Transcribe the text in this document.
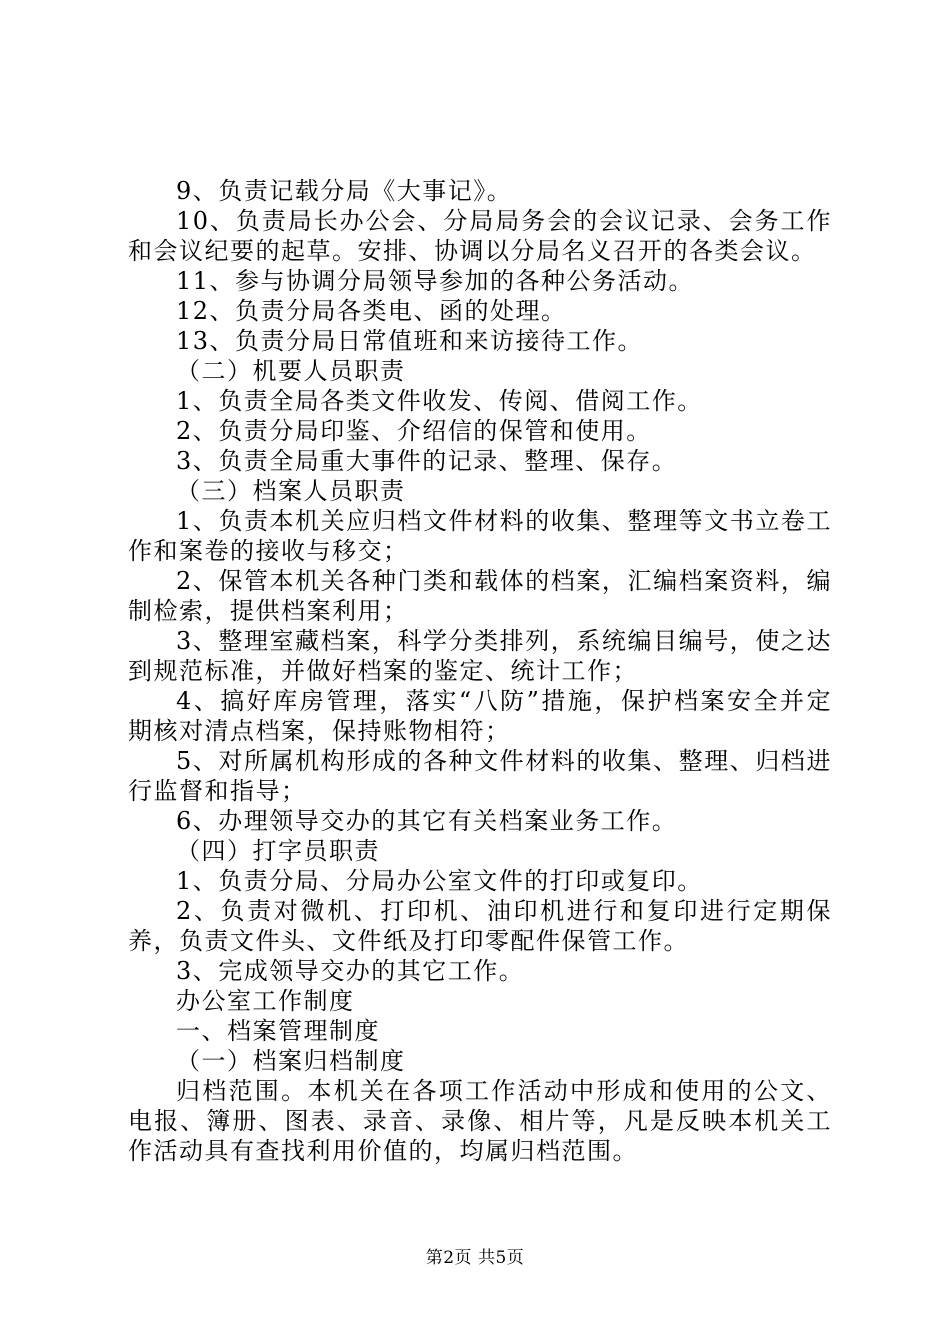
9、负责记载分局《大事记》。

10、负责局长办公会、分局局务会的会议记录、会务工作和会议纪要的起草。安排、协调以分局名义召开的各类会议。

11、参与协调分局领导参加的各种公务活动。

12、负责分局各类电、函的处理。

13、负责分局日常值班和来访接待工作。

（二）机要人员职责

1、负责全局各类文件收发、传阅、借阅工作。

2、负责分局印鉴、介绍信的保管和使用。

3、负责全局重大事件的记录、整理、保存。

（三）档案人员职责

1、负责本机关应归档文件材料的收集、整理等文书立卷工作和案卷的接收与移交；

2、保管本机关各种门类和载体的档案，汇编档案资料，编制检索，提供档案利用；

3、整理室藏档案，科学分类排列，系统编目编号，使之达到规范标准，并做好档案的鉴定、统计工作；

4、搞好库房管理，落实“八防”措施，保护档案安全并定期核对清点档案，保持账物相符；

5、对所属机构形成的各种文件材料的收集、整理、归档进行监督和指导；

6、办理领导交办的其它有关档案业务工作。

（四）打字员职责

1、负责分局、分局办公室文件的打印或复印。

2、负责对微机、打印机、油印机进行和复印进行定期保养，负责文件头、文件纸及打印零配件保管工作。

3、完成领导交办的其它工作。

办公室工作制度

一、档案管理制度

（一）档案归档制度

归档范围。本机关在各项工作活动中形成和使用的公文、电报、簿册、图表、录音、录像、相片等，凡是反映本机关工作活动具有查找利用价值的，均属归档范围。

第2页 共5页
